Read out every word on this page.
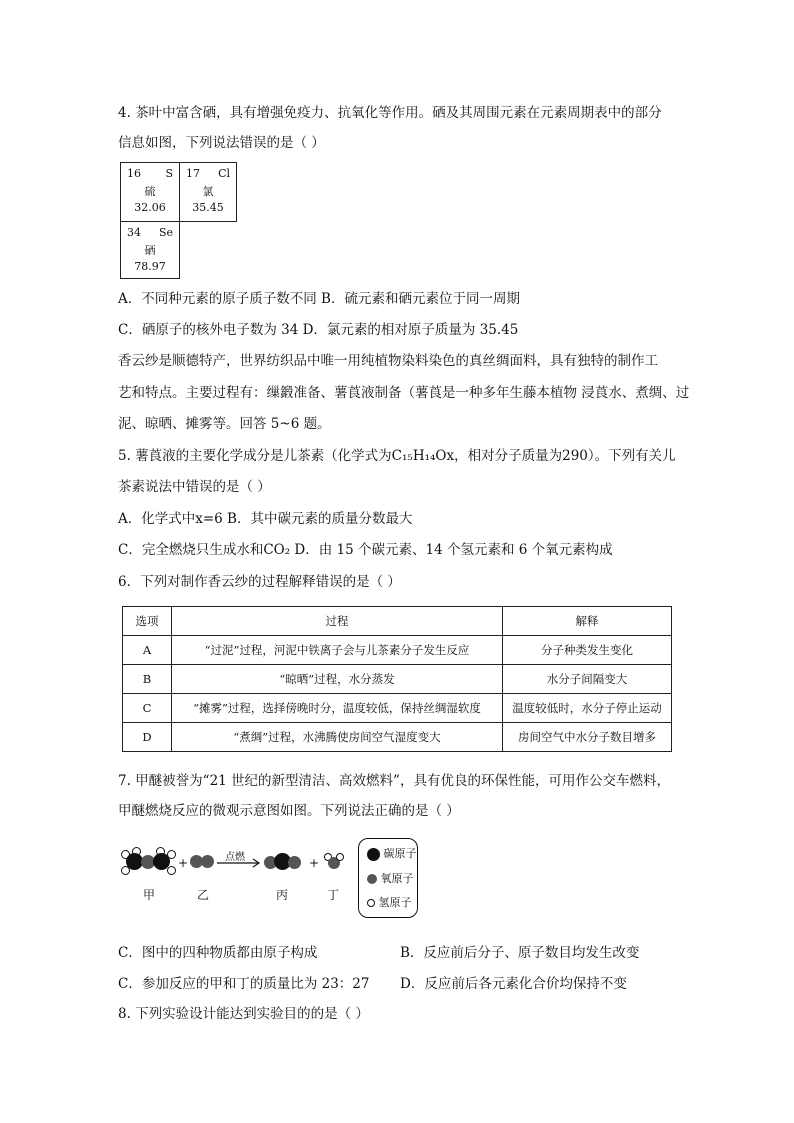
4. 茶叶中富含硒，具有增强免疫力、抗氧化等作用。硒及其周围元素在元素周期表中的部分
信息如图，下列说法错误的是（ ）
16 S
硫
32.06
17 Cl
氯
35.45
34 Se
硒
78.97
A．不同种元素的原子质子数不同 B．硫元素和硒元素位于同一周期
C．硒原子的核外电子数为 34 D．氯元素的相对原子质量为 35.45
香云纱是顺德特产，世界纺织品中唯一用纯植物染料染色的真丝绸面料，具有独特的制作工
艺和特点。主要过程有：缫鍛准备、薯莨液制备（薯莨是一种多年生藤本植物 浸莨水、煮绸、过
泥、晾晒、摊雾等。回答 5~6 题。
5. 薯莨液的主要化学成分是儿茶素（化学式为C₁₅H₁₄Ox，相对分子质量为290）。下列有关儿
茶素说法中错误的是（ ）
A．化学式中x=6 B．其中碳元素的质量分数最大
C．完全燃烧只生成水和CO₂ D．由 15 个碳元素、14 个氢元素和 6 个氧元素构成
6．下列对制作香云纱的过程解释错误的是（ ）
选项	过程	解释
A	“过泥”过程，河泥中铁离子会与儿茶素分子发生反应	分子种类发生变化
B	“晾晒”过程，水分蒸发	水分子间隔变大
C	“摊雾”过程，选择傍晚时分，温度较低，保持丝绸湿软度	温度较低时，水分子停止运动
D	“煮绸”过程，水沸腾使房间空气湿度变大	房间空气中水分子数目增多
7. 甲醚被誉为“21 世纪的新型清洁、高效燃料”，具有优良的环保性能，可用作公交车燃料，
甲醚燃烧反应的微观示意图如图。下列说法正确的是（ ）
+	点燃	+
甲	乙	丙	丁
碳原子
氧原子
氢原子
C．图中的四种物质都由原子构成	B．反应前后分子、原子数目均发生改变
C．参加反应的甲和丁的质量比为 23：27 D．反应前后各元素化合价均保持不变
8. 下列实验设计能达到实验目的的是（ ）
